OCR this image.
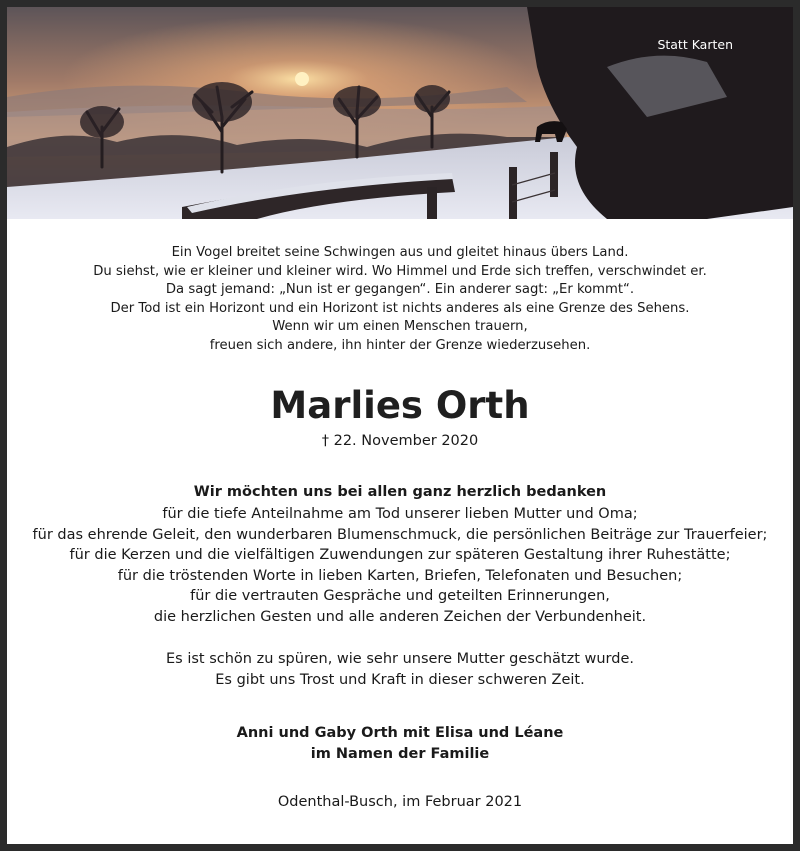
Statt Karten
Ein Vogel breitet seine Schwingen aus und gleitet hinaus übers Land.
Du siehst, wie er kleiner und kleiner wird. Wo Himmel und Erde sich treffen, verschwindet er.
Da sagt jemand: „Nun ist er gegangen“. Ein anderer sagt: „Er kommt“.
Der Tod ist ein Horizont und ein Horizont ist nichts anderes als eine Grenze des Sehens.
Wenn wir um einen Menschen trauern,
freuen sich andere, ihn hinter der Grenze wiederzusehen.
Marlies Orth
† 22. November 2020
Wir möchten uns bei allen ganz herzlich bedanken
für die tiefe Anteilnahme am Tod unserer lieben Mutter und Oma;
für das ehrende Geleit, den wunderbaren Blumenschmuck, die persönlichen Beiträge zur Trauerfeier;
für die Kerzen und die vielfältigen Zuwendungen zur späteren Gestaltung ihrer Ruhestätte;
für die tröstenden Worte in lieben Karten, Briefen, Telefonaten und Besuchen;
für die vertrauten Gespräche und geteilten Erinnerungen,
die herzlichen Gesten und alle anderen Zeichen der Verbundenheit.
Es ist schön zu spüren, wie sehr unsere Mutter geschätzt wurde.
Es gibt uns Trost und Kraft in dieser schweren Zeit.
Anni und Gaby Orth mit Elisa und Léane
im Namen der Familie
Odenthal-Busch, im Februar 2021
